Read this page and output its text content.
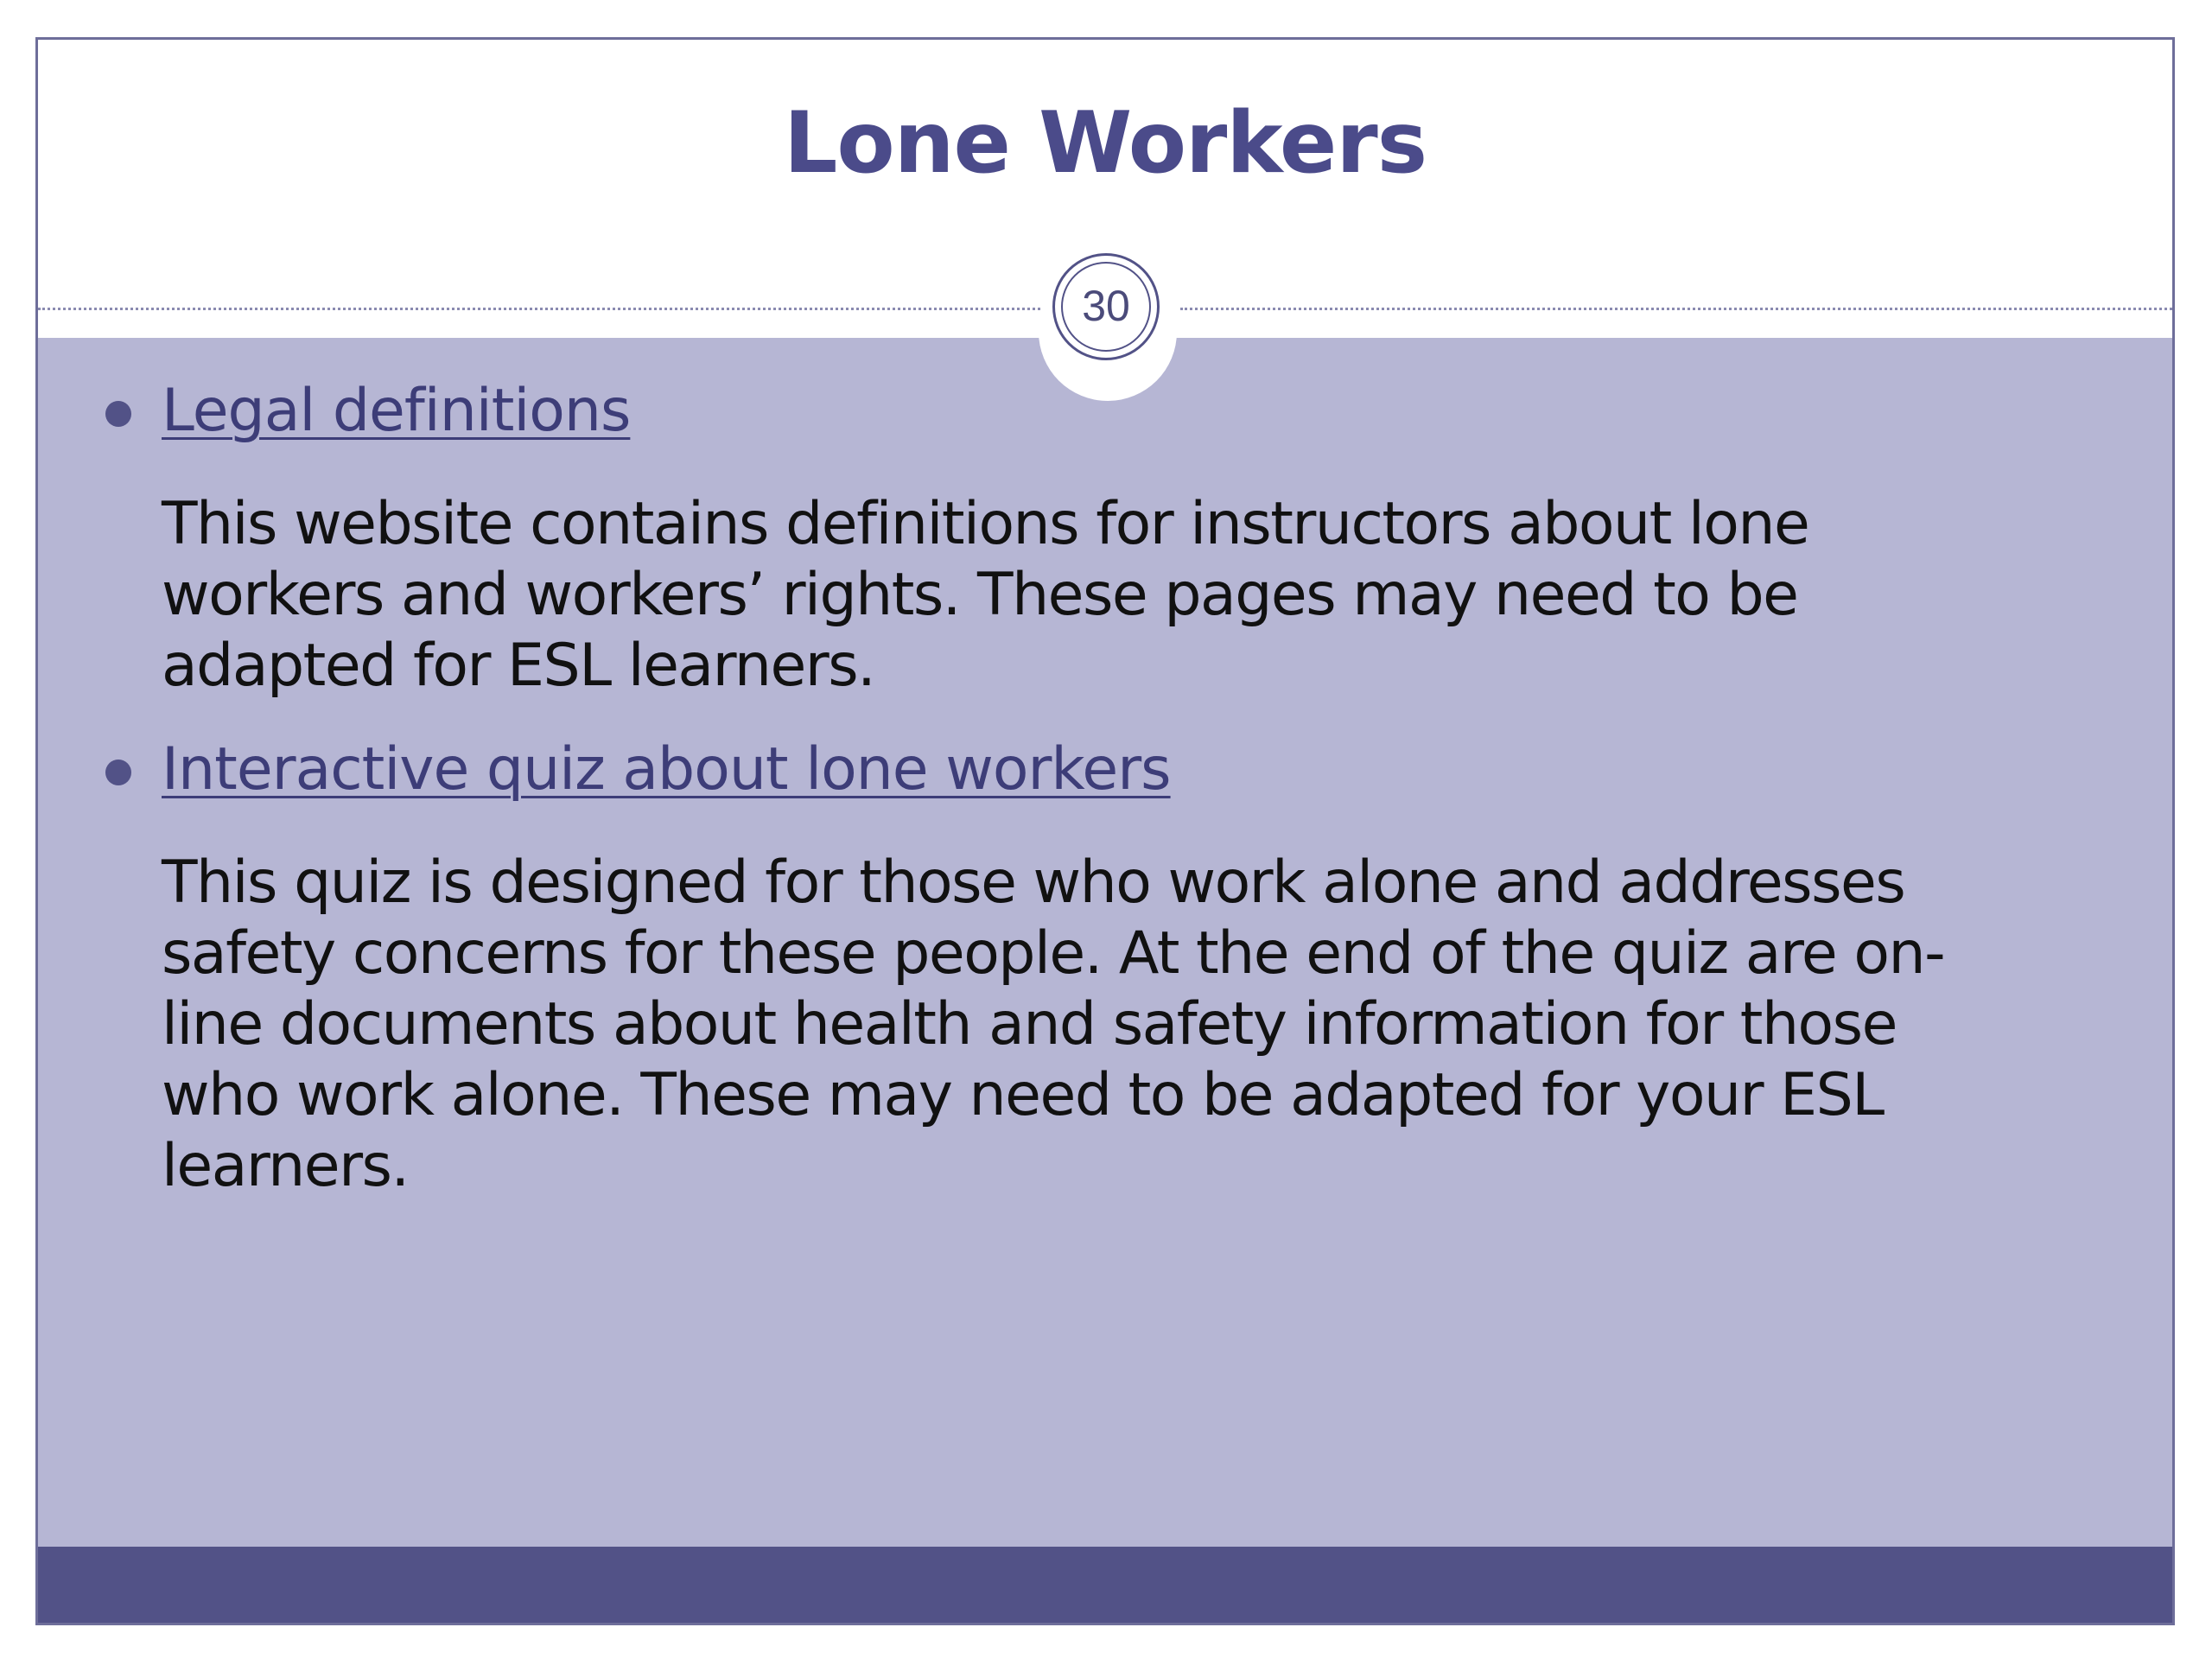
Lone Workers
30
Legal definitions

This website contains definitions for instructors about lone
workers and workers’ rights. These pages may need to be
adapted for ESL learners.

Interactive quiz about lone workers

This quiz is designed for those who work alone and addresses
safety concerns for these people. At the end of the quiz are on-
line documents about health and safety information for those
who work alone. These may need to be adapted for your ESL
learners.
